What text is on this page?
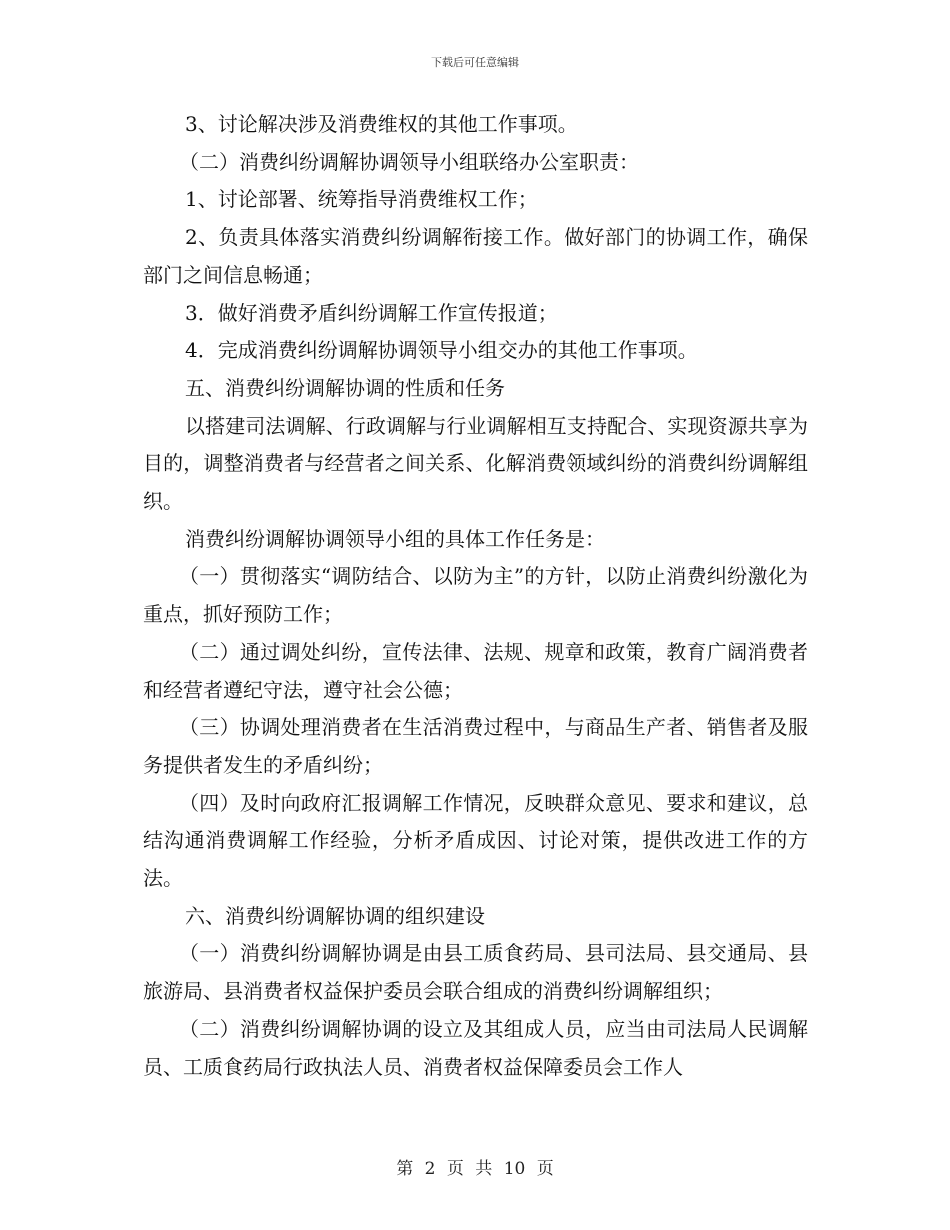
下载后可任意编辑

3、讨论解决涉及消费维权的其他工作事项。

（二）消费纠纷调解协调领导小组联络办公室职责：

1、讨论部署、统筹指导消费维权工作；

2、负责具体落实消费纠纷调解衔接工作。做好部门的协调工作，确保部门之间信息畅通；

3．做好消费矛盾纠纷调解工作宣传报道；

4．完成消费纠纷调解协调领导小组交办的其他工作事项。

五、消费纠纷调解协调的性质和任务

以搭建司法调解、行政调解与行业调解相互支持配合、实现资源共享为目的，调整消费者与经营者之间关系、化解消费领域纠纷的消费纠纷调解组织。

消费纠纷调解协调领导小组的具体工作任务是：

（一）贯彻落实“调防结合、以防为主”的方针，以防止消费纠纷激化为重点，抓好预防工作；

（二）通过调处纠纷，宣传法律、法规、规章和政策，教育广阔消费者和经营者遵纪守法，遵守社会公德；

（三）协调处理消费者在生活消费过程中，与商品生产者、销售者及服务提供者发生的矛盾纠纷；

（四）及时向政府汇报调解工作情况，反映群众意见、要求和建议，总结沟通消费调解工作经验，分析矛盾成因、讨论对策，提供改进工作的方法。

六、消费纠纷调解协调的组织建设

（一）消费纠纷调解协调是由县工质食药局、县司法局、县交通局、县旅游局、县消费者权益保护委员会联合组成的消费纠纷调解组织；

（二）消费纠纷调解协调的设立及其组成人员，应当由司法局人民调解员、工质食药局行政执法人员、消费者权益保障委员会工作人

第 2 页 共 10 页
